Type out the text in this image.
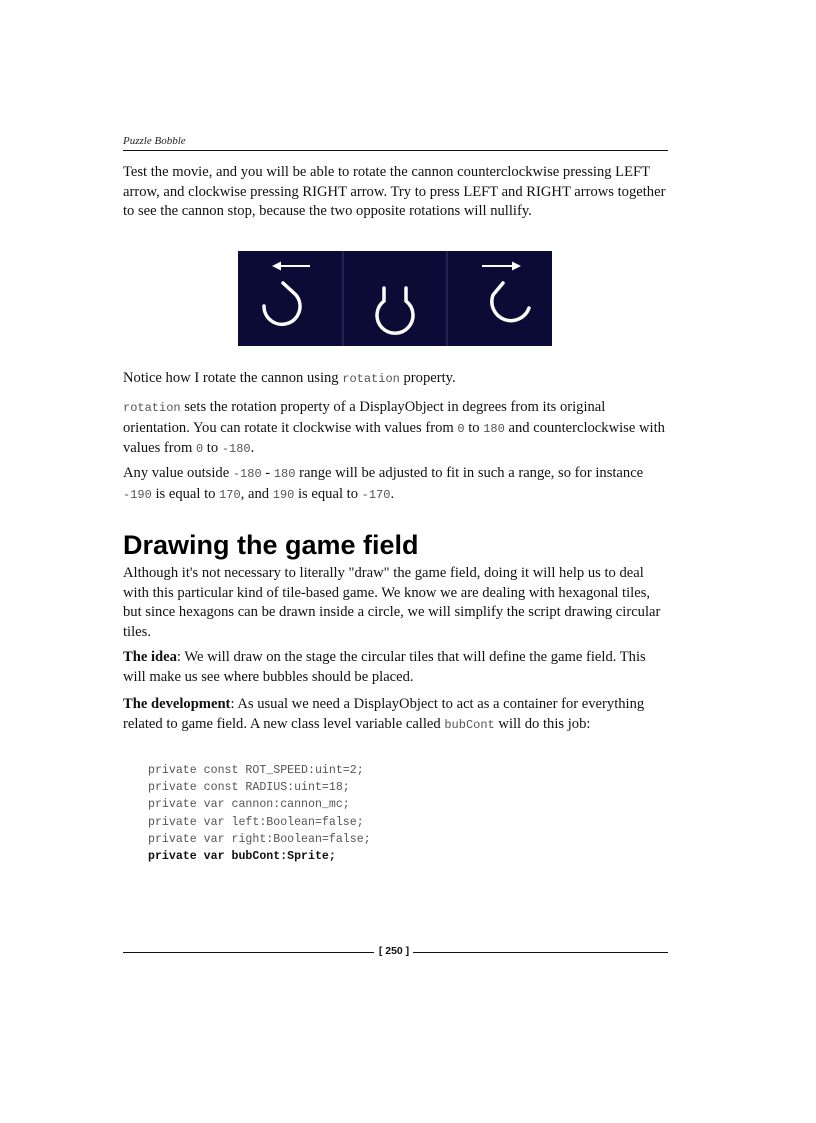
Puzzle Bobble

Test the movie, and you will be able to rotate the cannon counterclockwise pressing LEFT arrow, and clockwise pressing RIGHT arrow. Try to press LEFT and RIGHT arrows together to see the cannon stop, because the two opposite rotations will nullify.

Notice how I rotate the cannon using rotation property.

rotation sets the rotation property of a DisplayObject in degrees from its original orientation. You can rotate it clockwise with values from 0 to 180 and counterclockwise with values from 0 to -180.

Any value outside -180 - 180 range will be adjusted to fit in such a range, so for instance -190 is equal to 170, and 190 is equal to -170.

Drawing the game field

Although it's not necessary to literally "draw" the game field, doing it will help us to deal with this particular kind of tile-based game. We know we are dealing with hexagonal tiles, but since hexagons can be drawn inside a circle, we will simplify the script drawing circular tiles.

The idea: We will draw on the stage the circular tiles that will define the game field. This will make us see where bubbles should be placed.

The development: As usual we need a DisplayObject to act as a container for everything related to game field. A new class level variable called bubCont will do this job:

private const ROT_SPEED:uint=2;
private const RADIUS:uint=18;
private var cannon:cannon_mc;
private var left:Boolean=false;
private var right:Boolean=false;
private var bubCont:Sprite;
[ 250 ]
